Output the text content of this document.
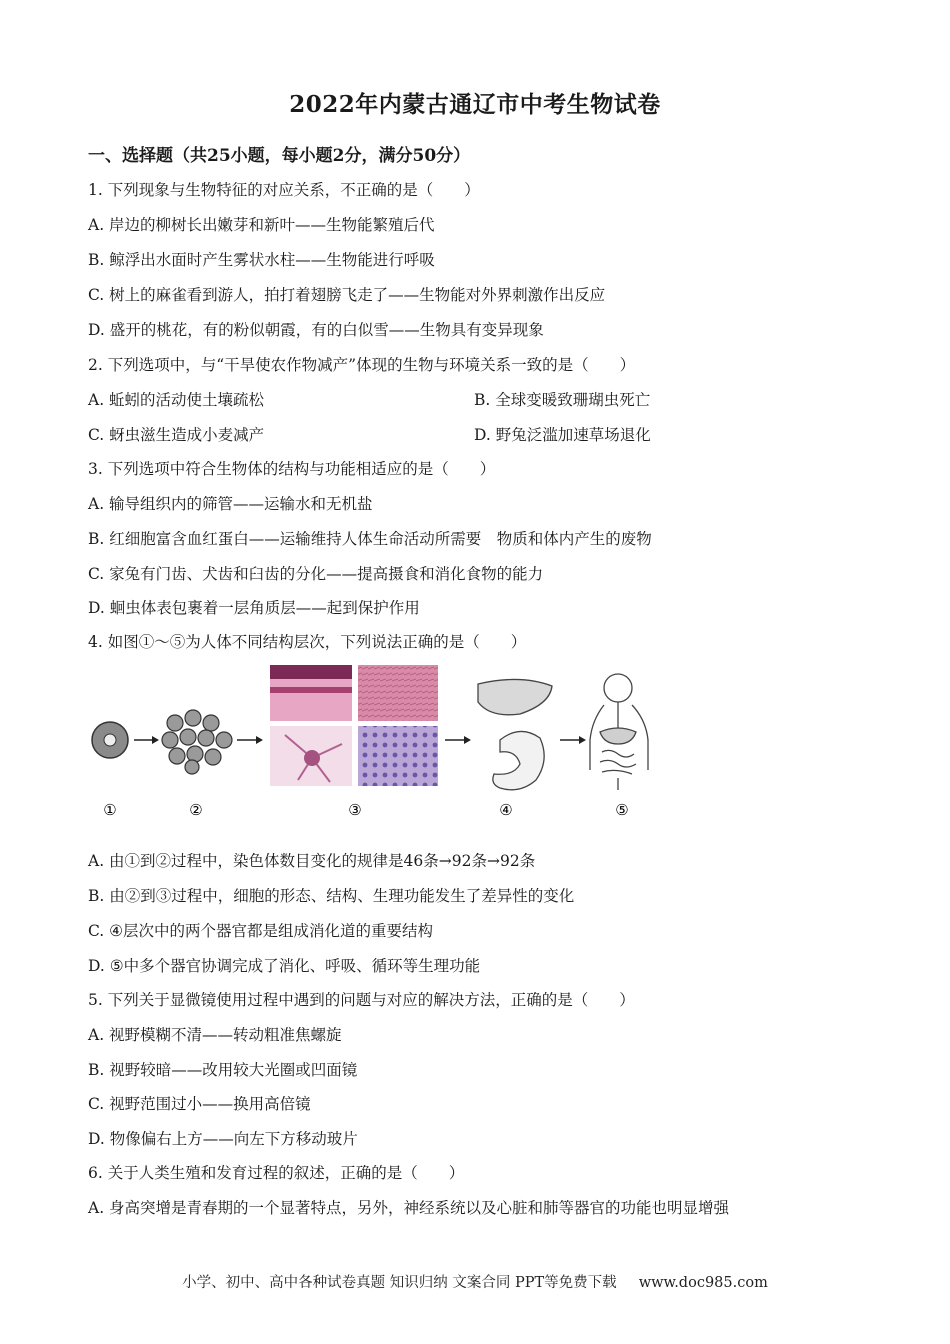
2022年内蒙古通辽市中考生物试卷
一、选择题（共25小题，每小题2分，满分50分）
1. 下列现象与生物特征的对应关系，不正确的是（　　）
A. 岸边的柳树长出嫩芽和新叶——生物能繁殖后代
B. 鲸浮出水面时产生雾状水柱——生物能进行呼吸
C. 树上的麻雀看到游人，拍打着翅膀飞走了——生物能对外界刺激作出反应
D. 盛开的桃花，有的粉似朝霞，有的白似雪——生物具有变异现象
2. 下列选项中，与“干旱使农作物减产”体现的生物与环境关系一致的是（　　）
A. 蚯蚓的活动使土壤疏松	B. 全球变暖致珊瑚虫死亡
C. 蚜虫滋生造成小麦减产	D. 野兔泛滥加速草场退化
3. 下列选项中符合生物体的结构与功能相适应的是（　　）
A. 输导组织内的筛管——运输水和无机盐
B. 红细胞富含血红蛋白——运输维持人体生命活动所需要　物质和体内产生的废物
C. 家兔有门齿、犬齿和臼齿的分化——提高摄食和消化食物的能力
D. 蛔虫体表包裹着一层角质层——起到保护作用
4. 如图①～⑤为人体不同结构层次，下列说法正确的是（　　）
①	②	③	④	⑤
A. 由①到②过程中，染色体数目变化的规律是46条→92条→92条
B. 由②到③过程中，细胞的形态、结构、生理功能发生了差异性的变化
C. ④层次中的两个器官都是组成消化道的重要结构
D. ⑤中多个器官协调完成了消化、呼吸、循环等生理功能
5. 下列关于显微镜使用过程中遇到的问题与对应的解决方法，正确的是（　　）
A. 视野模糊不清——转动粗准焦螺旋
B. 视野较暗——改用较大光圈或凹面镜
C. 视野范围过小——换用高倍镜
D. 物像偏右上方——向左下方移动玻片
6. 关于人类生殖和发育过程的叙述，正确的是（　　）
A. 身高突增是青春期的一个显著特点，另外，神经系统以及心脏和肺等器官的功能也明显增强
小学、初中、高中各种试卷真题 知识归纳 文案合同 PPT等免费下载 www.doc985.com
